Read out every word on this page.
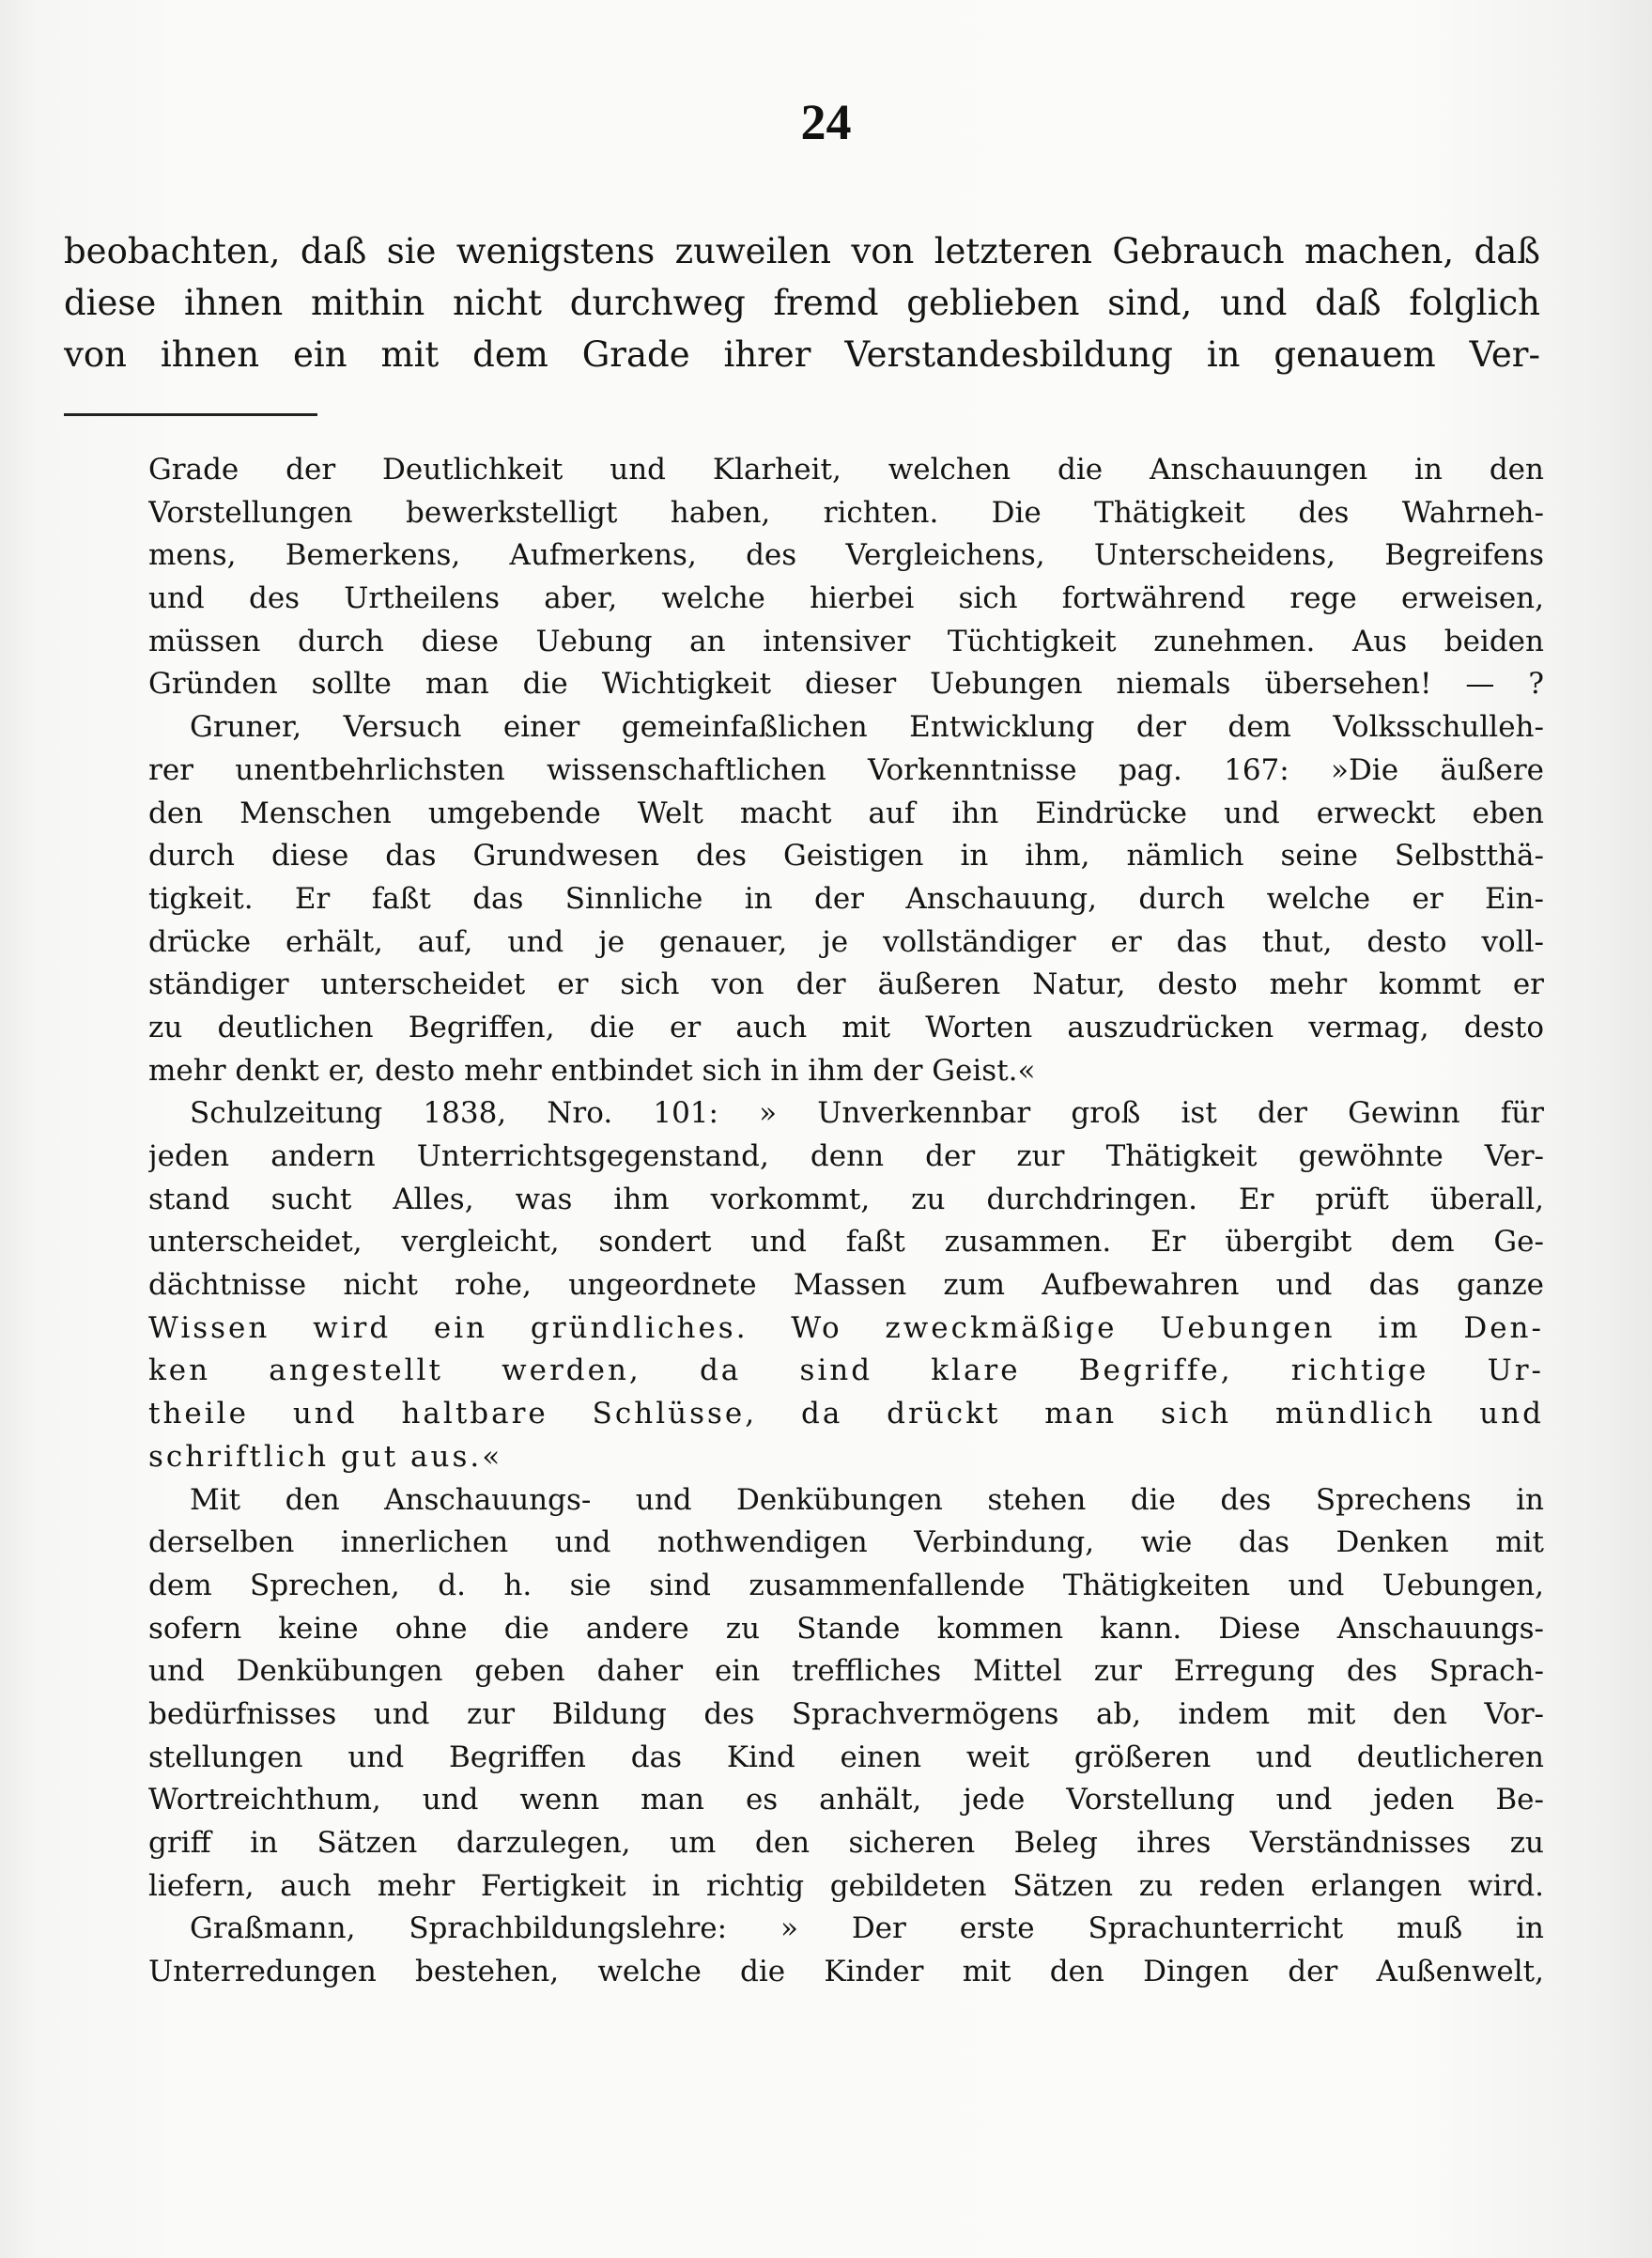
24
beobachten, daß sie wenigstens zuweilen von letzteren Gebrauch machen, daß
diese ihnen mithin nicht durchweg fremd geblieben sind, und daß folglich
von ihnen ein mit dem Grade ihrer Verstandesbildung in genauem Ver-
Grade der Deutlichkeit und Klarheit, welchen die Anschauungen in den
Vorstellungen bewerkstelligt haben, richten. Die Thätigkeit des Wahrneh-
mens, Bemerkens, Aufmerkens, des Vergleichens, Unterscheidens, Begreifens
und des Urtheilens aber, welche hierbei sich fortwährend rege erweisen,
müssen durch diese Uebung an intensiver Tüchtigkeit zunehmen. Aus beiden
Gründen sollte man die Wichtigkeit dieser Uebungen niemals übersehen! — ?
Gruner, Versuch einer gemeinfaßlichen Entwicklung der dem Volksschulleh-
rer unentbehrlichsten wissenschaftlichen Vorkenntnisse pag. 167: »Die äußere
den Menschen umgebende Welt macht auf ihn Eindrücke und erweckt eben
durch diese das Grundwesen des Geistigen in ihm, nämlich seine Selbstthä-
tigkeit. Er faßt das Sinnliche in der Anschauung, durch welche er Ein-
drücke erhält, auf, und je genauer, je vollständiger er das thut, desto voll-
ständiger unterscheidet er sich von der äußeren Natur, desto mehr kommt er
zu deutlichen Begriffen, die er auch mit Worten auszudrücken vermag, desto
mehr denkt er, desto mehr entbindet sich in ihm der Geist.«
Schulzeitung 1838, Nro. 101: » Unverkennbar groß ist der Gewinn für
jeden andern Unterrichtsgegenstand, denn der zur Thätigkeit gewöhnte Ver-
stand sucht Alles, was ihm vorkommt, zu durchdringen. Er prüft überall,
unterscheidet, vergleicht, sondert und faßt zusammen. Er übergibt dem Ge-
dächtnisse nicht rohe, ungeordnete Massen zum Aufbewahren und das ganze
Wissen wird ein gründliches. Wo zweckmäßige Uebungen im Den-
ken angestellt werden, da sind klare Begriffe, richtige Ur-
theile und haltbare Schlüsse, da drückt man sich mündlich und
schriftlich gut aus.«
Mit den Anschauungs- und Denkübungen stehen die des Sprechens in
derselben innerlichen und nothwendigen Verbindung, wie das Denken mit
dem Sprechen, d. h. sie sind zusammenfallende Thätigkeiten und Uebungen,
sofern keine ohne die andere zu Stande kommen kann. Diese Anschauungs-
und Denkübungen geben daher ein treffliches Mittel zur Erregung des Sprach-
bedürfnisses und zur Bildung des Sprachvermögens ab, indem mit den Vor-
stellungen und Begriffen das Kind einen weit größeren und deutlicheren
Wortreichthum, und wenn man es anhält, jede Vorstellung und jeden Be-
griff in Sätzen darzulegen, um den sicheren Beleg ihres Verständnisses zu
liefern, auch mehr Fertigkeit in richtig gebildeten Sätzen zu reden erlangen wird.
Graßmann, Sprachbildungslehre: » Der erste Sprachunterricht muß in
Unterredungen bestehen, welche die Kinder mit den Dingen der Außenwelt,
